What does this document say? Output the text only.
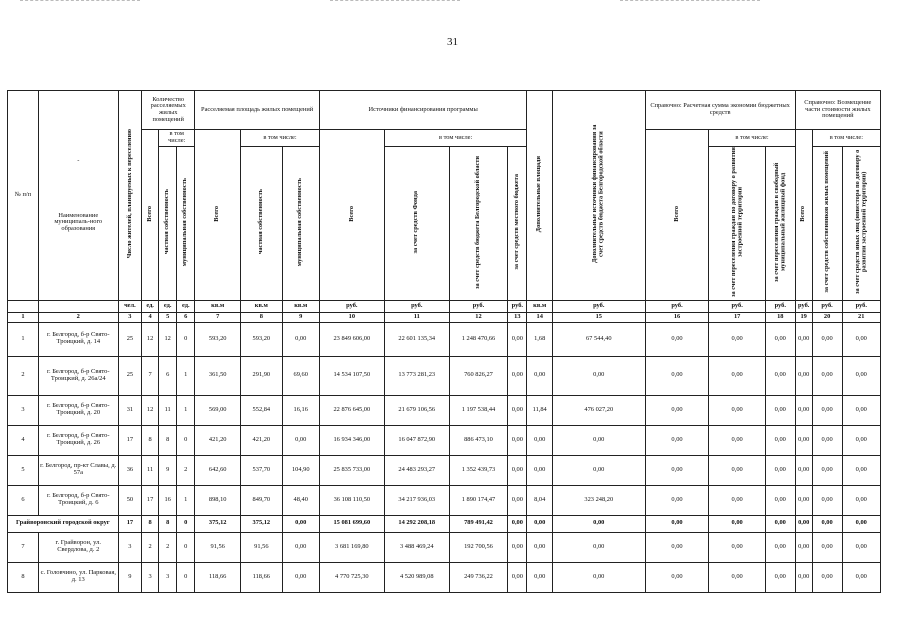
31
№ п/п	-
Наименование муниципаль-ного образования	Число жителей, планируемых к переселению	Количество расселяемых жилых помещений			Расселяемая площадь жилых помещений			Источники финансирования программы				Дополнительные площади	Дополнительные источники финансирования за счет средств бюджета Белгородской области	Справочно: Расчетная сумма экономии бюджетных средств			Справочно: Возмещение части стоимости жилых помещений		
			Всего	в том числе:		Всего	в том числе:		Всего	в том числе:					Всего	в том числе:		Всего	в том числе:	
				частная собственность	муниципальная собственность		частная собственность	муниципальная собственность		за счет средств Фонда	за счет средств бюджета Белгородской области	за счет средств местного бюджета				за счет переселения граждан по договору о развитии застроенной территории	за счет переселения граждан в свободный муниципальный жилищный фонд		за счет средств собственников жилых помещений	за счет средств иных лиц (инвестора по договору о развитии застроенной территории)
		чел.	ед.	ед.	ед.	кв.м	кв.м	кв.м	руб.	руб.	руб.	руб.	кв.м	руб.	руб.	руб.	руб.	руб.	руб.	руб.
1	2	3	4	5	6	7	8	9	10	11	12	13	14	15	16	17	18	19	20	21
1	г. Белгород, б-р Свято-Троицкий, д. 14	25	12	12	0	593,20	593,20	0,00	23 849 606,00	22 601 135,34	1 248 470,66	0,00	1,68	67 544,40	0,00	0,00	0,00	0,00	0,00	0,00
2	г. Белгород, б-р Свято-Троицкий, д. 26а/24	25	7	6	1	361,50	291,90	69,60	14 534 107,50	13 773 281,23	760 826,27	0,00	0,00	0,00	0,00	0,00	0,00	0,00	0,00	0,00
3	г. Белгород, б-р Свято-Троицкий, д. 20	31	12	11	1	569,00	552,84	16,16	22 876 645,00	21 679 106,56	1 197 538,44	0,00	11,84	476 027,20	0,00	0,00	0,00	0,00	0,00	0,00
4	г. Белгород, б-р Свято-Троицкий, д. 26	17	8	8	0	421,20	421,20	0,00	16 934 346,00	16 047 872,90	886 473,10	0,00	0,00	0,00	0,00	0,00	0,00	0,00	0,00	0,00
5	г. Белгород, пр-кт Славы, д. 57а	36	11	9	2	642,60	537,70	104,90	25 835 733,00	24 483 293,27	1 352 439,73	0,00	0,00	0,00	0,00	0,00	0,00	0,00	0,00	0,00
6	г. Белгород, б-р Свято-Троицкий, д. 6	50	17	16	1	898,10	849,70	48,40	36 108 110,50	34 217 936,03	1 890 174,47	0,00	8,04	323 248,20	0,00	0,00	0,00	0,00	0,00	0,00
Грайворонский городской округ		17	8	8	0	375,12	375,12	0,00	15 081 699,60	14 292 208,18	789 491,42	0,00	0,00	0,00	0,00	0,00	0,00	0,00	0,00	0,00
7	г. Грайворон, ул. Свердлова, д. 2	3	2	2	0	91,56	91,56	0,00	3 681 169,80	3 488 469,24	192 700,56	0,00	0,00	0,00	0,00	0,00	0,00	0,00	0,00	0,00
8	с. Головчино, ул. Парковая, д. 13	9	3	3	0	118,66	118,66	0,00	4 770 725,30	4 520 989,08	249 736,22	0,00	0,00	0,00	0,00	0,00	0,00	0,00	0,00	0,00
